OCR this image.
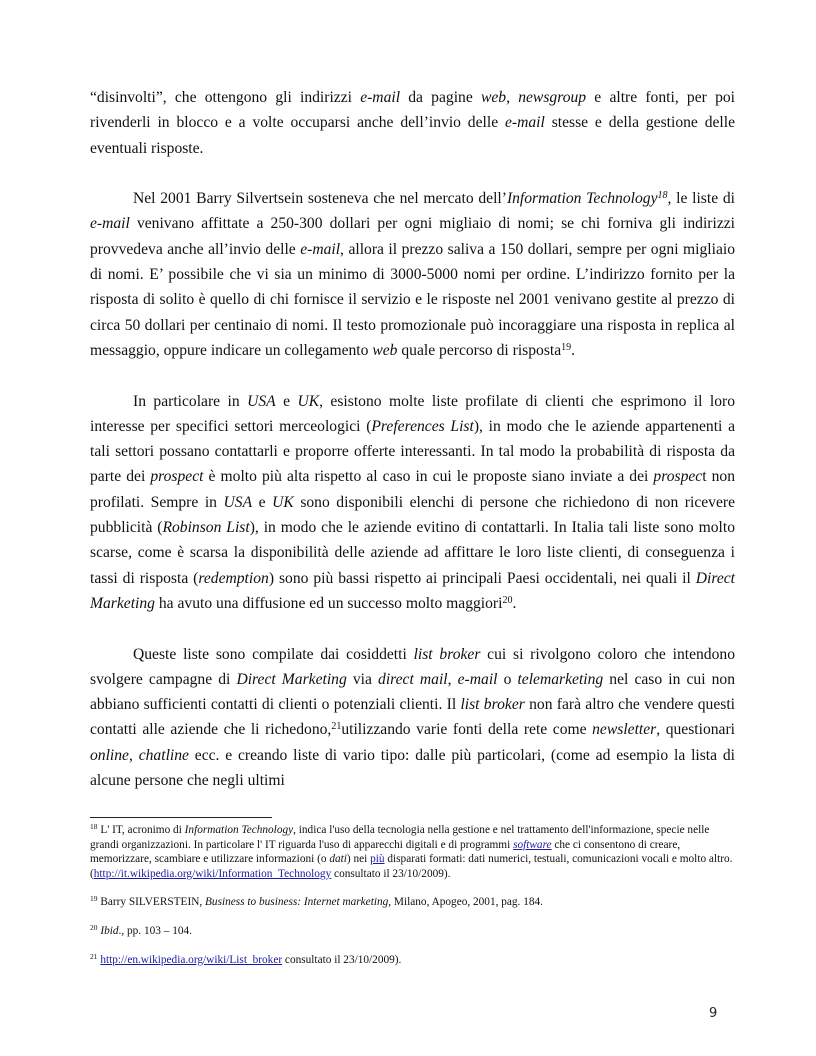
“disinvolti”, che ottengono gli indirizzi e-mail da pagine web, newsgroup e altre fonti, per poi rivenderli in blocco e a volte occuparsi anche dell’invio delle e-mail stesse e della gestione delle eventuali risposte.

Nel 2001 Barry Silvertsein sosteneva che nel mercato dell’Information Technology$^{18}$, le liste di e-mail venivano affittate a 250-300 dollari per ogni migliaio di nomi; se chi forniva gli indirizzi provvedeva anche all’invio delle e-mail, allora il prezzo saliva a 150 dollari, sempre per ogni migliaio di nomi. E’ possibile che vi sia un minimo di 3000-5000 nomi per ordine. L’indirizzo fornito per la risposta di solito è quello di chi fornisce il servizio e le risposte nel 2001 venivano gestite al prezzo di circa 50 dollari per centinaio di nomi. Il testo promozionale può incoraggiare una risposta in replica al messaggio, oppure indicare un collegamento web quale percorso di risposta$^{19}$.

In particolare in USA e UK, esistono molte liste profilate di clienti che esprimono il loro interesse per specifici settori merceologici (Preferences List), in modo che le aziende appartenenti a tali settori possano contattarli e proporre offerte interessanti. In tal modo la probabilità di risposta da parte dei prospect è molto più alta rispetto al caso in cui le proposte siano inviate a dei prospect non profilati. Sempre in USA e UK sono disponibili elenchi di persone che richiedono di non ricevere pubblicità (Robinson List), in modo che le aziende evitino di contattarli. In Italia tali liste sono molto scarse, come è scarsa la disponibilità delle aziende ad affittare le loro liste clienti, di conseguenza i tassi di risposta (redemption) sono più bassi rispetto ai principali Paesi occidentali, nei quali il Direct Marketing ha avuto una diffusione ed un successo molto maggiori$^{20}$.

Queste liste sono compilate dai cosiddetti list broker cui si rivolgono coloro che intendono svolgere campagne di Direct Marketing via direct mail, e-mail o telemarketing nel caso in cui non abbiano sufficienti contatti di clienti o potenziali clienti. Il list broker non farà altro che vendere questi contatti alle aziende che li richedono,$^{21}$utilizzando varie fonti della rete come newsletter, questionari online, chatline ecc. e creando liste di vario tipo: dalle più particolari, (come ad esempio la lista di alcune persone che negli ultimi

$^{18}$ L' IT, acronimo di Information Technology, indica l'uso della tecnologia nella gestione e nel trattamento dell'informazione, specie nelle grandi organizzazioni. In particolare l' IT riguarda l'uso di apparecchi digitali e di programmi software che ci consentono di creare, memorizzare, scambiare e utilizzare informazioni (o dati) nei più disparati formati: dati numerici, testuali, comunicazioni vocali e molto altro. (http://it.wikipedia.org/wiki/Information_Technology consultato il 23/10/2009).
$^{19}$ Barry SILVERSTEIN, Business to business: Internet marketing, Milano, Apogeo, 2001, pag. 184.
$^{20}$ Ibid., pp. 103 – 104.
$^{21}$ http://en.wikipedia.org/wiki/List_broker consultato il 23/10/2009).
9
